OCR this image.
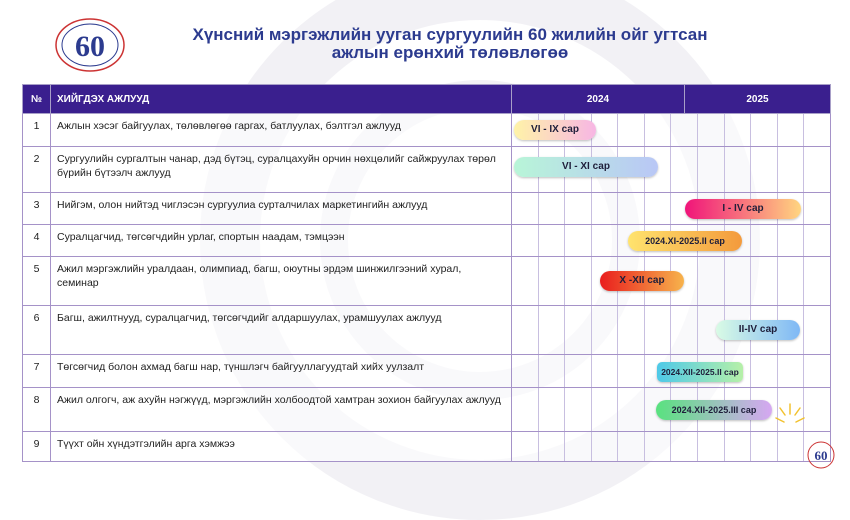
60	Хүнсний мэргэжлийн ууган сургуулийн 60 жилийн ойг угтсан
ажлын ерөнхий төлөвлөгөө
№	ХИЙГДЭХ АЖЛУУД	2024	2025
1	Ажлын хэсэг байгуулах, төлөвлөгөө гаргах, батлуулах, бэлтгэл ажлууд	VI - IX сар	

2	Сургуулийн сургалтын чанар, дэд бүтэц, суралцахуйн орчин нөхцөлийг сайжруулах төрөл бүрийн бүтээлч ажлууд	VI - XI сар	

3	Нийгэм, олон нийтэд чиглэсэн сургуулиа сурталчилах маркетингийн ажлууд	I - IV сар	

4	Суралцагчид, төгсөгчдийн урлаг, спортын наадам, тэмцээн	2024.XI-2025.II сар	

5	Ажил мэргэжлийн уралдаан, олимпиад, багш, оюутны эрдэм шинжилгээний хурал, семинар	X -XII сар	

6	Багш, ажилтнууд, суралцагчид, төгсөгчдийг алдаршуулах, урамшуулах ажлууд	II-IV сар	

7	Төгсөгчид болон ахмад багш нар, түншлэгч байгууллагуудтай хийх уулзалт	2024.XII-2025.II сар	

8	Ажил олгогч, аж ахуйн нэгжүүд, мэргэжлийн холбоодтой хамтран зохион байгуулах ажлууд	2024.XII-2025.III сар	

9	Түүхт ойн хүндэтгэлийн арга хэмжээ		
60
